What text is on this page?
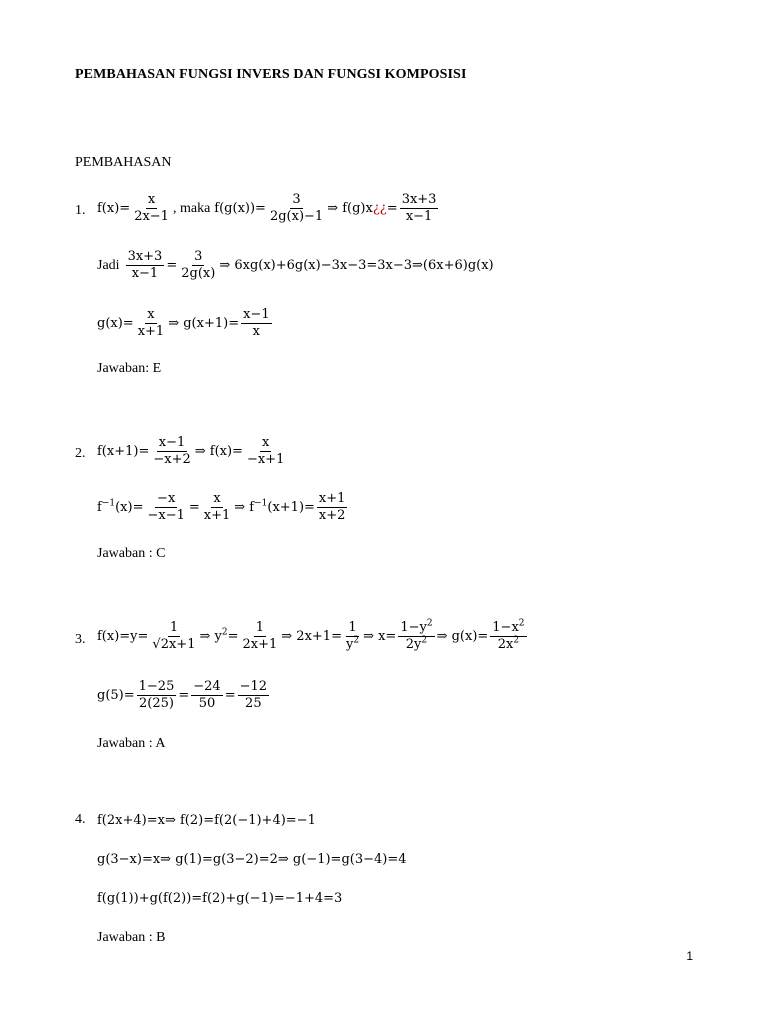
PEMBAHASAN FUNGSI INVERS DAN FUNGSI KOMPOSISI
PEMBAHASAN
1. $f(x)= \frac{x}{2x-1}$ , maka $f(g(x))= \frac{3}{2g(x)-1}$ ⇒ f(g)x ¿¿ = $\frac{3x+3}{x-1}$
Jadi $\frac{3x+3}{x-1} = \frac{3}{2g(x)}$ ⇒ 6xg(x)+6g(x)−3x−3=3x−3⇒(6x+6)g(x)
$g(x)= \frac{x}{x+1}$ ⇒ $g(x+1)= \frac{x-1}{x}$
Jawaban: E
2. $f(x+1)= \frac{x-1}{-x+2}$ ⇒ $f(x)= \frac{x}{-x+1}$
$f^{-1}(x)= \frac{-x}{-x-1} = \frac{x}{x+1}$ ⇒ $f^{-1}(x+1)= \frac{x+1}{x+2}$
Jawaban : C
3. $f(x)=y= \frac{1}{√2x+1}$ ⇒ $y^2= \frac{1}{2x+1}$ ⇒ $2x+1= \frac{1}{y^2}$ ⇒ $x= \frac{1-y^2}{2y^2}$ ⇒ $g(x)= \frac{1-x^2}{2x^2}$
$g(5)= \frac{1-25}{2(25)} = \frac{-24}{50} = \frac{-12}{25}$
Jawaban : A
4. f(2x+4)=x⇒ f(2)=f(2(−1)+4)=−1
g(3−x)=x⇒ g(1)=g(3−2)=2⇒ g(−1)=g(3−4)=4
f(g(1))+g(f(2))=f(2)+g(−1)=−1+4=3
Jawaban : B
1
